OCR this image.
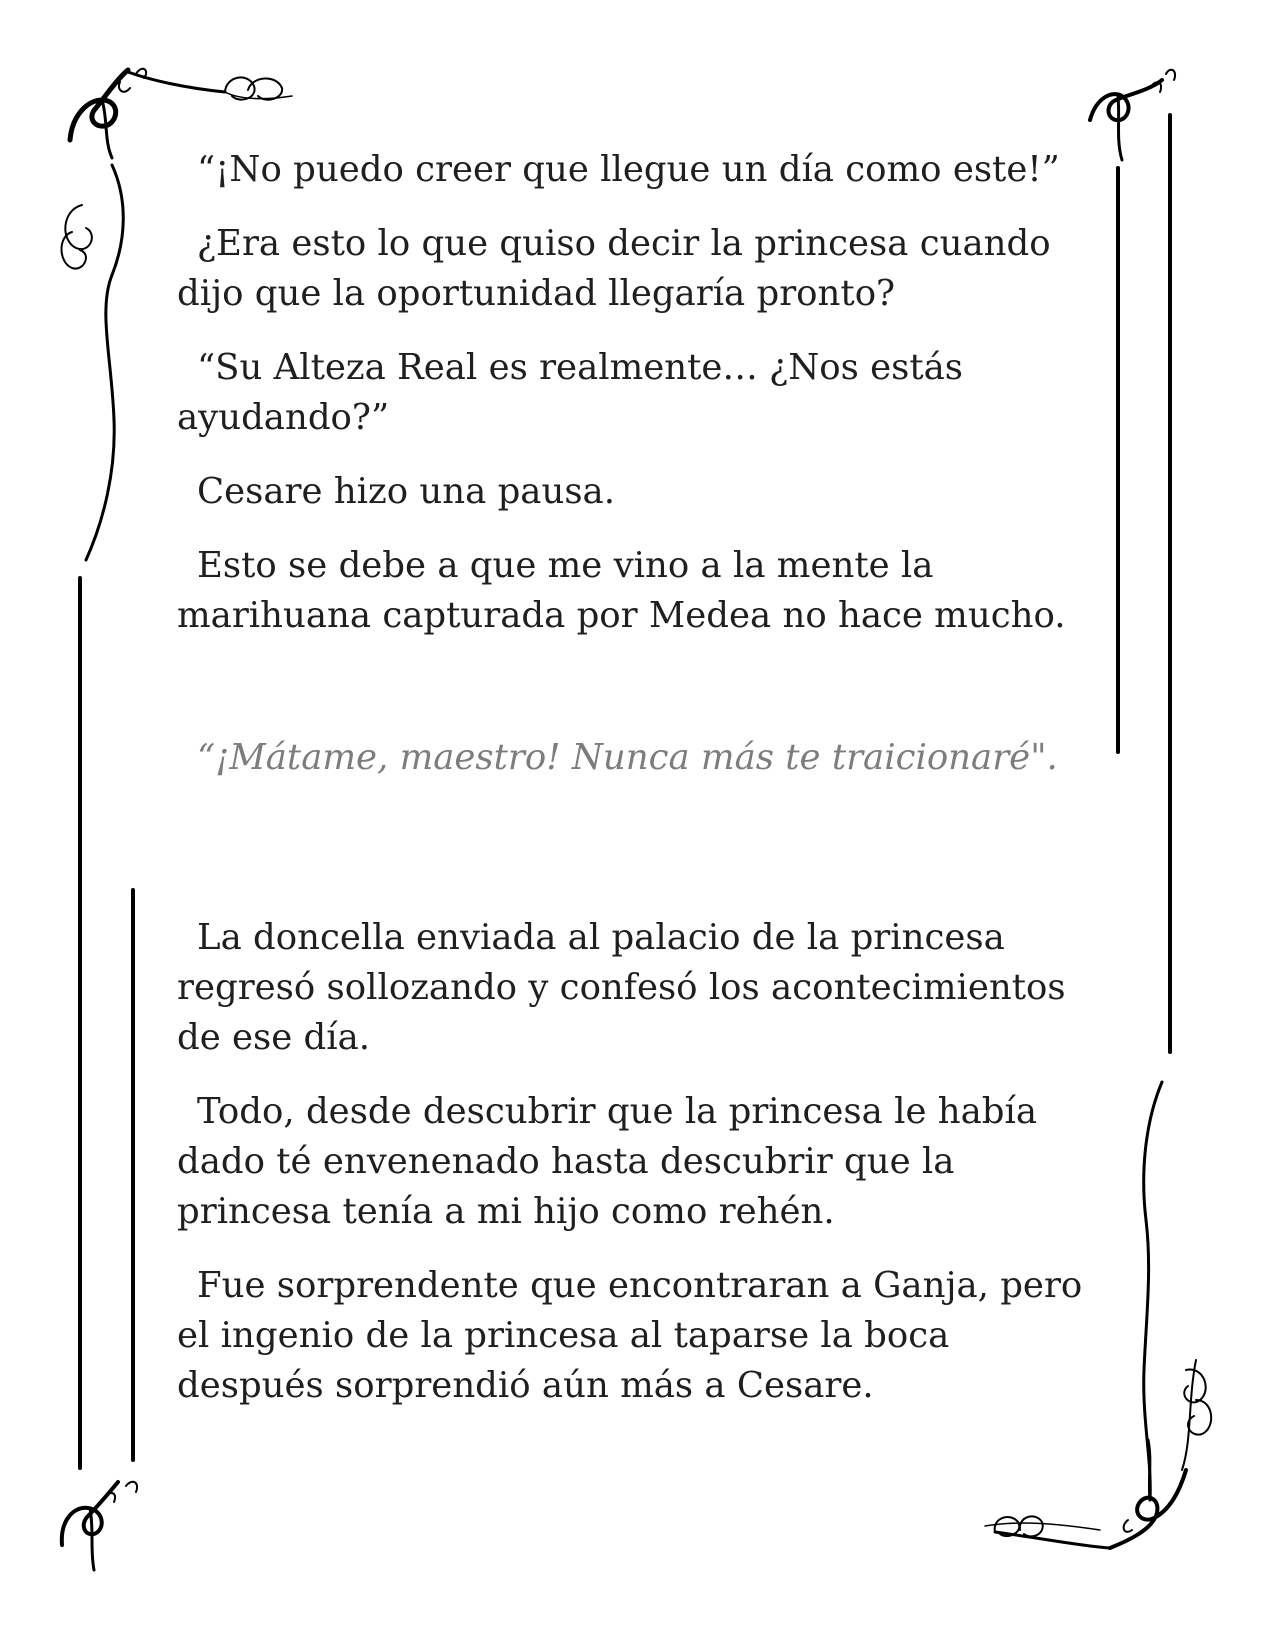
“¡No puedo creer que llegue un día como este!”

¿Era esto lo que quiso decir la princesa cuando dijo que la oportunidad llegaría pronto?

“Su Alteza Real es realmente… ¿Nos estás ayudando?”

Cesare hizo una pausa.

Esto se debe a que me vino a la mente la marihuana capturada por Medea no hace mucho.

“¡Mátame, maestro! Nunca más te traicionaré".

La doncella enviada al palacio de la princesa regresó sollozando y confesó los acontecimientos de ese día.

Todo, desde descubrir que la princesa le había dado té envenenado hasta descubrir que la princesa tenía a mi hijo como rehén.

Fue sorprendente que encontraran a Ganja, pero el ingenio de la princesa al taparse la boca después sorprendió aún más a Cesare.
